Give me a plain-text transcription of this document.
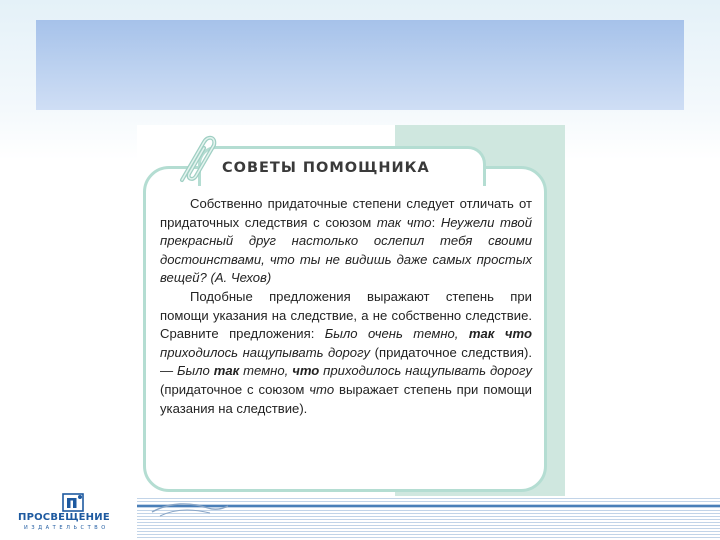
СОВЕТЫ ПОМОЩНИКА

Собственно придаточные степени следует отличать от придаточных следствия с союзом так что: Неужели твой прекрасный друг настолько ослепил тебя своими достоинствами, что ты не видишь даже самых простых вещей? (А. Чехов)

Подобные предложения выражают степень при помощи указания на следствие, а не собственно следствие. Сравните предложения: Было очень темно, так что приходилось нащупывать дорогу (придаточное следствия). — Было так темно, что приходилось нащупывать дорогу (придаточное с союзом что выражает степень при помощи указания на следствие).

ПРОСВЕЩЕНИЕ
ИЗДАТЕЛЬСТВО
